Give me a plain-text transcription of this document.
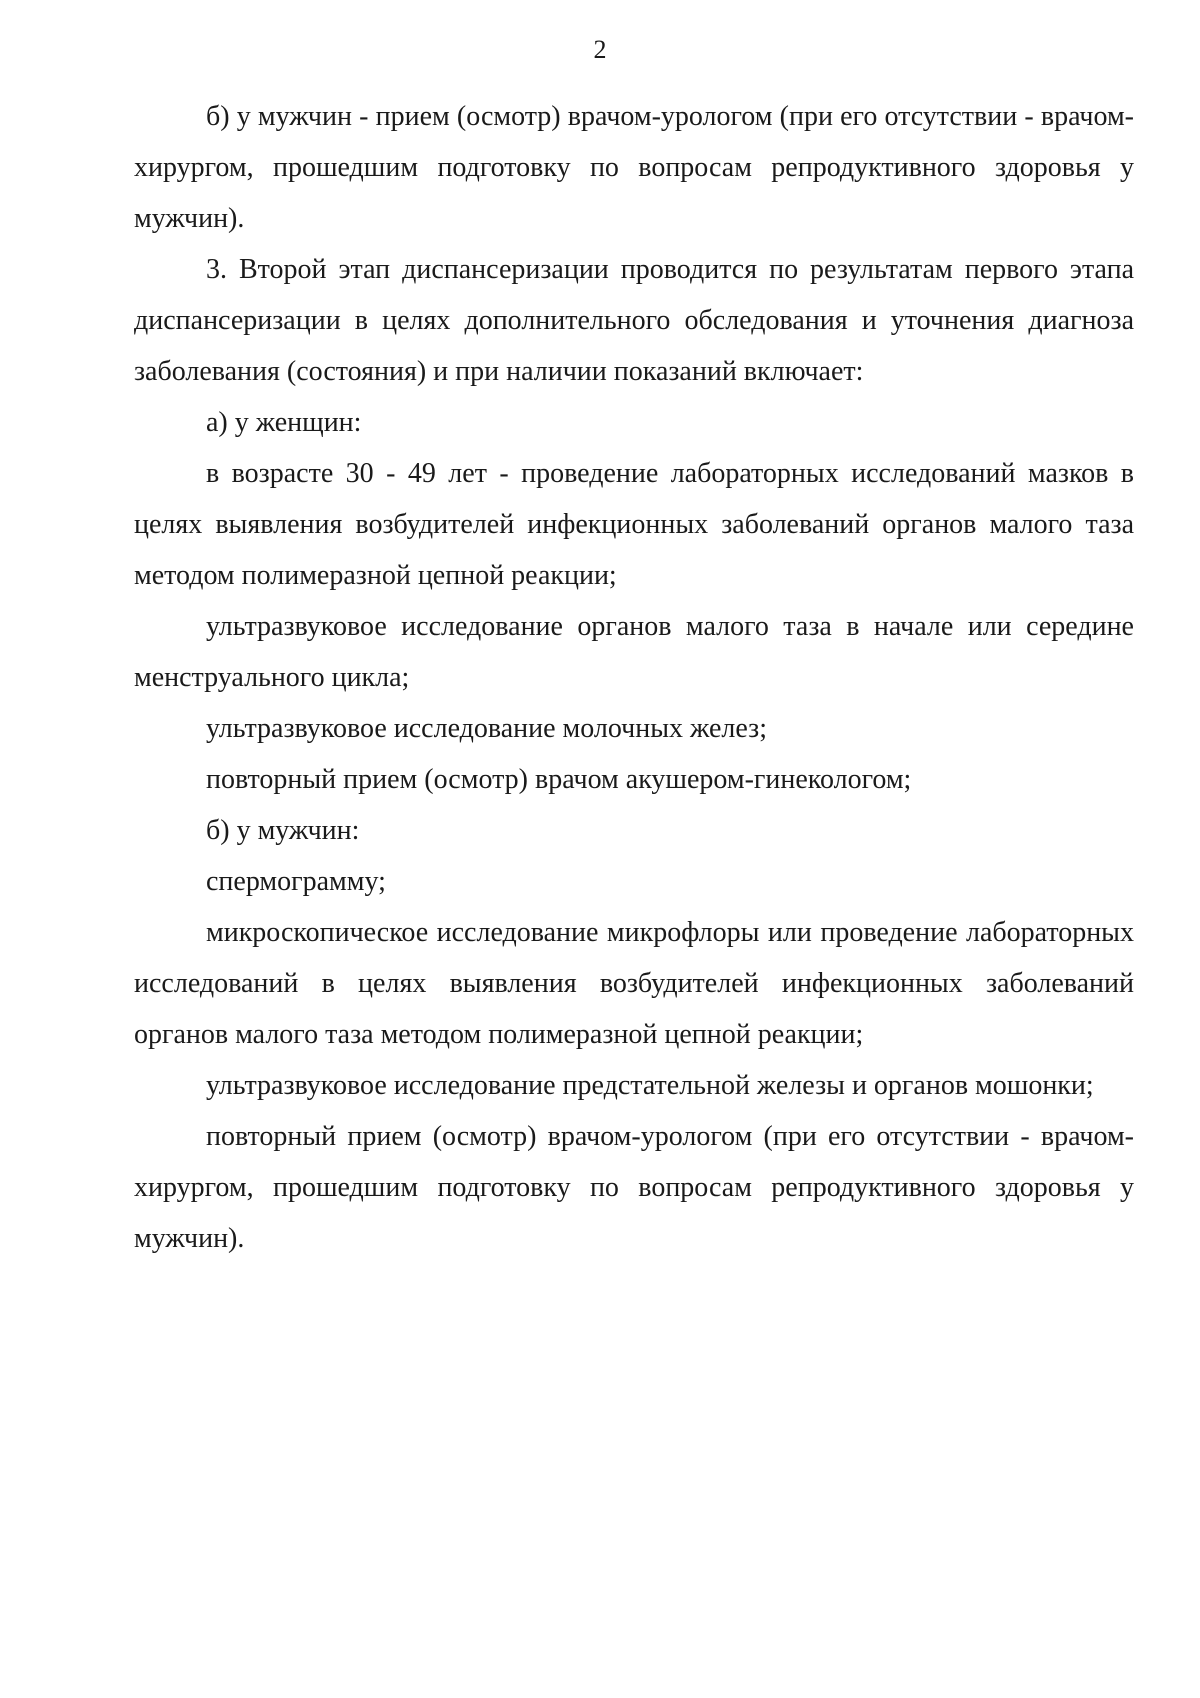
2

б) у мужчин - прием (осмотр) врачом-урологом (при его отсутствии - врачом-хирургом, прошедшим подготовку по вопросам репродуктивного здоровья у мужчин).

3. Второй этап диспансеризации проводится по результатам первого этапа диспансеризации в целях дополнительного обследования и уточнения диагноза заболевания (состояния) и при наличии показаний включает:

а) у женщин:

в возрасте 30 - 49 лет - проведение лабораторных исследований мазков в целях выявления возбудителей инфекционных заболеваний органов малого таза методом полимеразной цепной реакции;

ультразвуковое исследование органов малого таза в начале или середине менструального цикла;

ультразвуковое исследование молочных желез;

повторный прием (осмотр) врачом акушером-гинекологом;

б) у мужчин:

спермограмму;

микроскопическое исследование микрофлоры или проведение лабораторных исследований в целях выявления возбудителей инфекционных заболеваний органов малого таза методом полимеразной цепной реакции;

ультразвуковое исследование предстательной железы и органов мошонки;

повторный прием (осмотр) врачом-урологом (при его отсутствии - врачом-хирургом, прошедшим подготовку по вопросам репродуктивного здоровья у мужчин).
